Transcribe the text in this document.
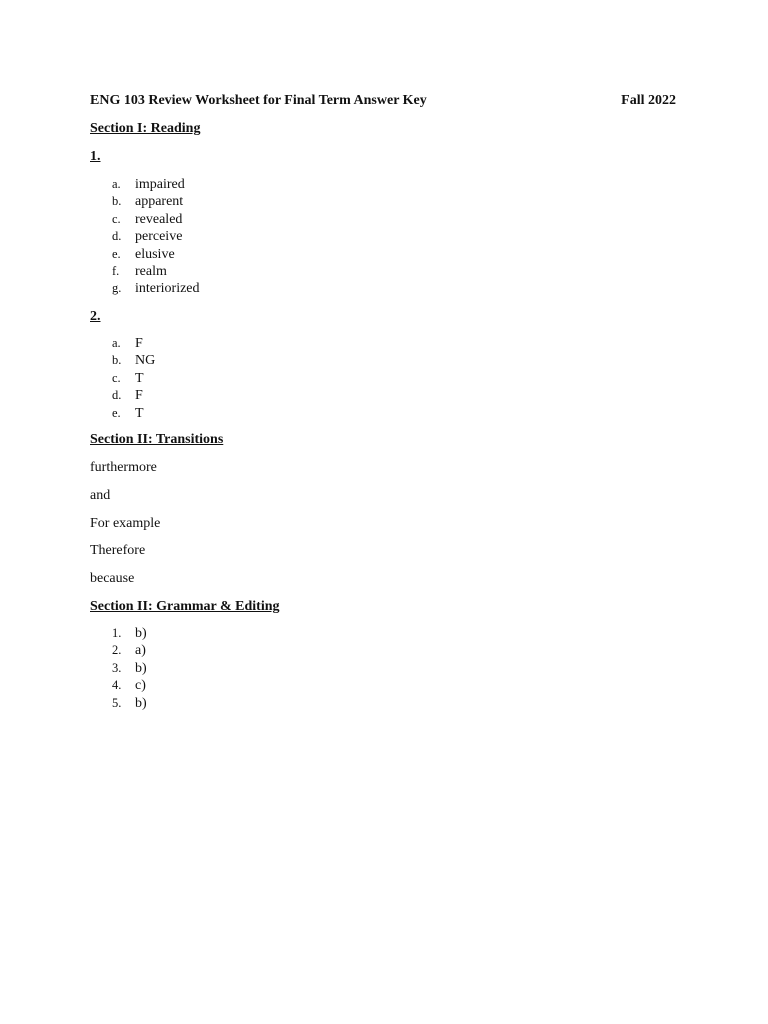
ENG 103 Review Worksheet for Final Term Answer Key	Fall 2022
Section I: Reading
1.
a.	impaired
b. apparent
c.	revealed
d. perceive
e.	elusive
f.	realm
g. interiorized
2.
a.	F
b. NG
c.	T
d. F
e.	T
Section II: Transitions
furthermore
and
For example
Therefore
because
Section II: Grammar & Editing
1. b)
2. a)
3. b)
4. c)
5. b)
